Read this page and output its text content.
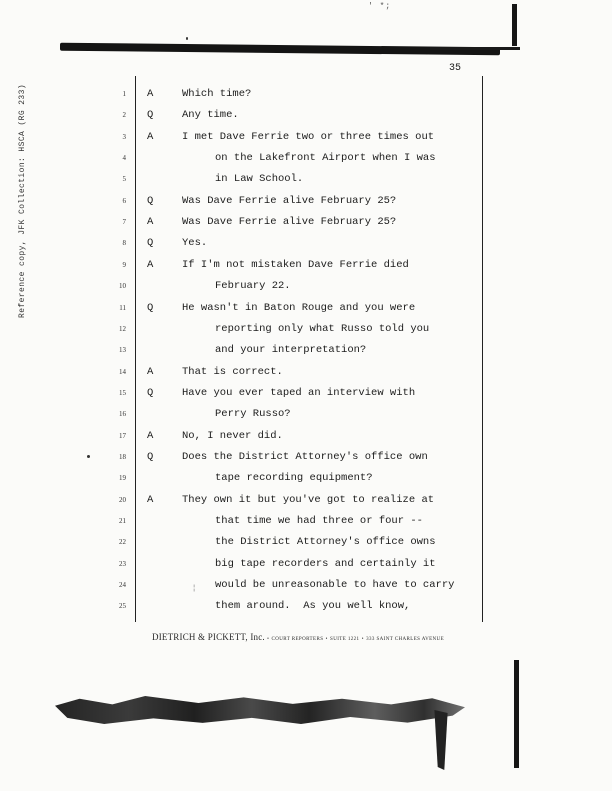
' *;
35
Reference copy, JFK Collection: HSCA (RG 233)	1 A	Which time?
2 Q	Any time.
3 A	I met Dave Ferrie two or three times out
4	on the Lakefront Airport when I was
5	in Law School.
6 Q	Was Dave Ferrie alive February 25?
7 A	Was Dave Ferrie alive February 25?
8 Q	Yes.
9 A	If I'm not mistaken Dave Ferrie died
10	February 22.
11 Q	He wasn't in Baton Rouge and you were
12	reporting only what Russo told you
13	and your interpretation?
14 A	That is correct.
15 Q	Have you ever taped an interview with
16	Perry Russo?
17 A	No, I never did.
18 Q	Does the District Attorney's office own
19	tape recording equipment?
20 A	They own it but you've got to realize at
21	that time we had three or four --
22	the District Attorney's office owns
23	big tape recorders and certainly it
24	would be unreasonable to have to carry
25	them around.  As you well know,
¦
DIETRICH & PICKETT, Inc. • COURT REPORTERS • SUITE 1221 • 333 SAINT CHARLES AVENUE
